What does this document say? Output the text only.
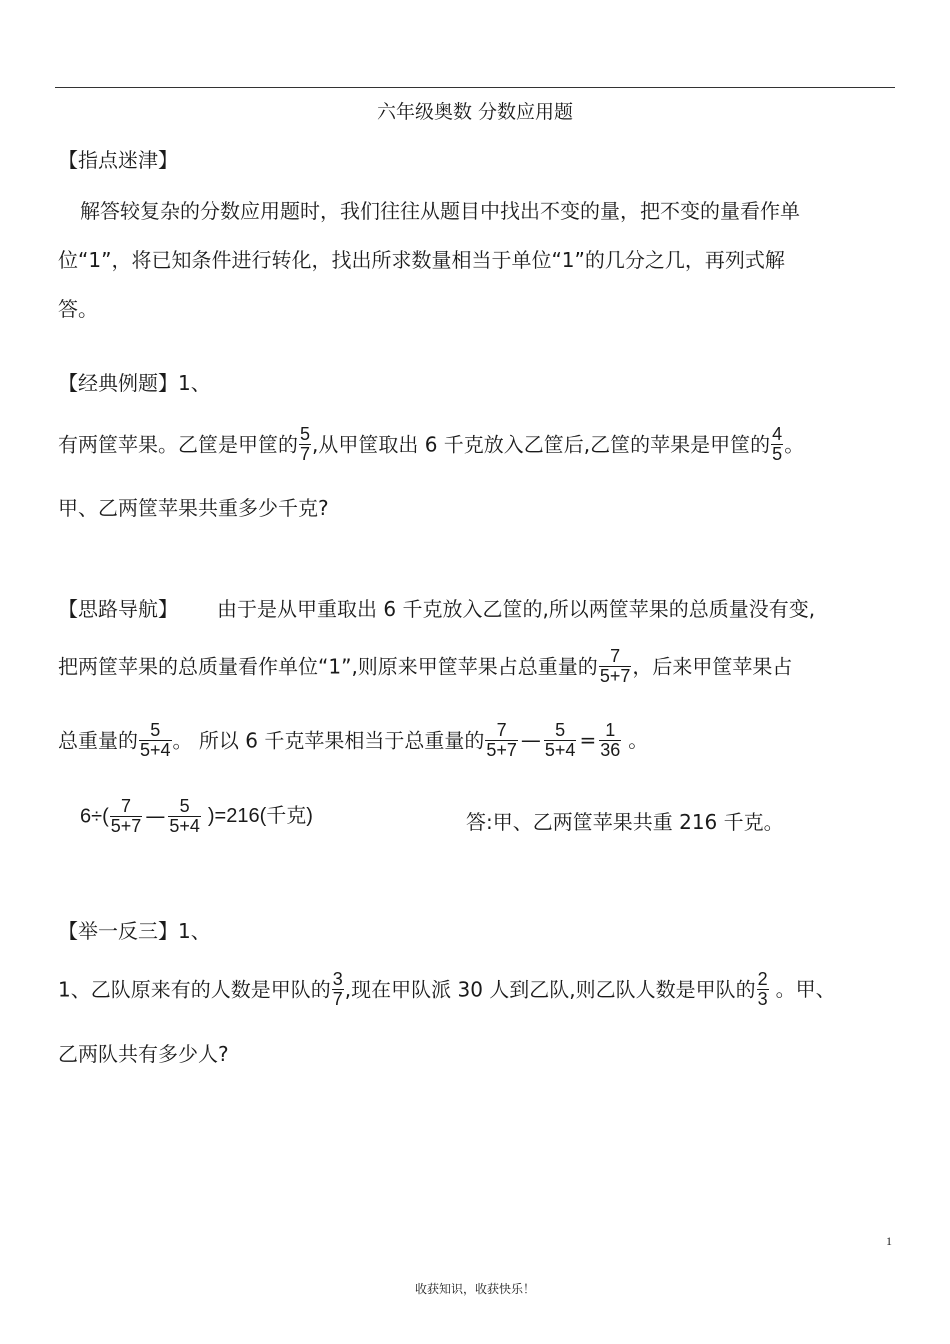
六年级奥数 分数应用题
【指点迷津】
解答较复杂的分数应用题时，我们往往从题目中找出不变的量，把不变的量看作单
位“1”，将已知条件进行转化，找出所求数量相当于单位“1”的几分之几，再列式解
答。
【经典例题】1、
有两筐苹果。乙筐是甲筐的 $\frac{5}{7}$ ,从甲筐取出 6 千克放入乙筐后,乙筐的苹果是甲筐的 $\frac{4}{5}$ 。
甲、乙两筐苹果共重多少千克?
【思路导航】 由于是从甲重取出 6 千克放入乙筐的,所以两筐苹果的总质量没有变,
把两筐苹果的总质量看作单位“1”,则原来甲筐苹果占总重量的 $\frac{7}{5+7}$ ，后来甲筐苹果占
总重量的 $\frac{5}{5+4}$ 。 所以 6 千克苹果相当于总重量的 $\frac{7}{5+7}$ — $\frac{5}{5+4} = \frac{1}{36}$ 。
$6\div( \frac{7}{5+7}$ — $\frac{5}{5+4} )=216$(千克)	答:甲、乙两筐苹果共重 216 千克。
【举一反三】1、
1、乙队原来有的人数是甲队的 $\frac{3}{7}$ ,现在甲队派 30 人到乙队,则乙队人数是甲队的 $\frac{2}{3}$ 。甲、
乙两队共有多少人?
1
收获知识，收获快乐！
